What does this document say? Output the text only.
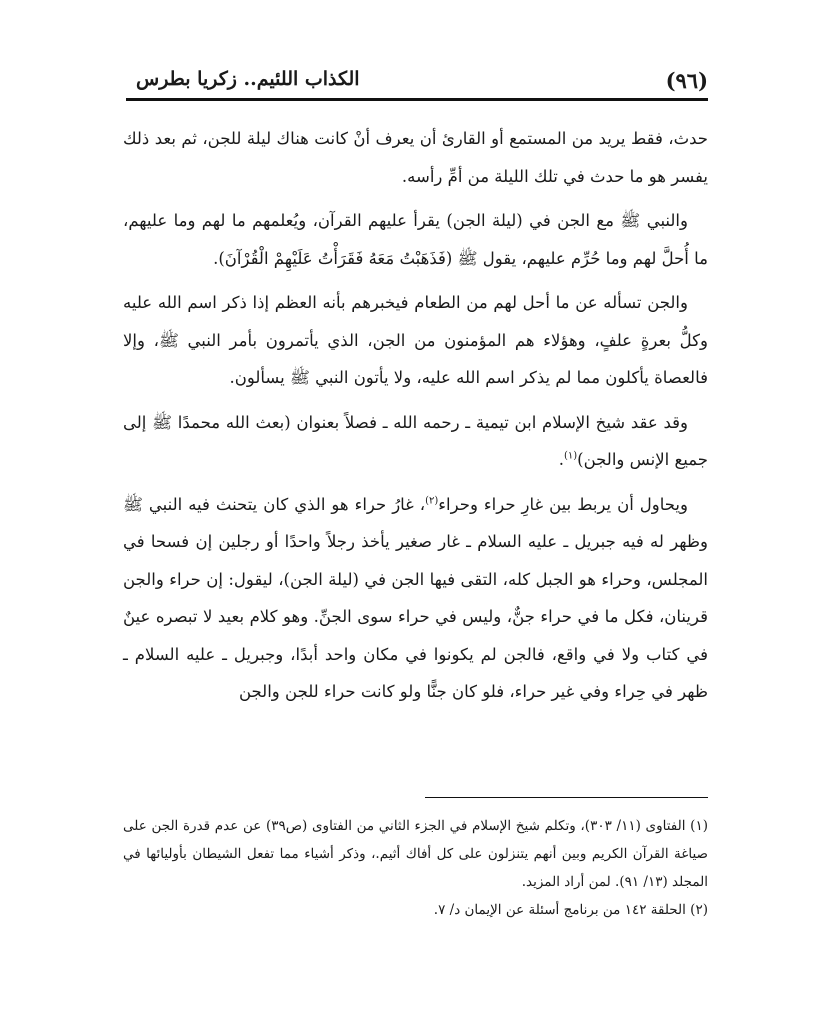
(٩٦)
الكذاب اللئيم.. زكريا بطرس

حدث، فقط يريد من المستمع أو القارئ أن يعرف أنْ كانت هناك ليلة للجن، ثم بعد ذلك يفسر هو ما حدث في تلك الليلة من أمِّ رأسه.

والنبي ﷺ مع الجن في (ليلة الجن) يقرأ عليهم القرآن، ويُعلمهم ما لهم وما عليهم، ما أُحلَّ لهم وما حُرِّم عليهم، يقول ﷺ (فَذَهَبْتُ مَعَهُ فَقَرَأْتُ عَلَيْهِمْ الْقُرْآنَ).

والجن تسأله عن ما أحل لهم من الطعام فيخبرهم بأنه العظم إذا ذكر اسم الله عليه وكلُّ بعرةٍ علفٍ، وهؤلاء هم المؤمنون من الجن، الذي يأتمرون بأمر النبي ﷺ، وإلا فالعصاة يأكلون مما لم يذكر اسم الله عليه، ولا يأتون النبي ﷺ يسألون.

وقد عقد شيخ الإسلام ابن تيمية ـ رحمه الله ـ فصلاً بعنوان (بعث الله محمدًا ﷺ إلى جميع الإنس والجن)$^{(١)}$.

ويحاول أن يربط بين غارِ حراء وحراء$^{(٢)}$، غارُ حراء هو الذي كان يتحنث فيه النبي ﷺ وظهر له فيه جبريل ـ عليه السلام ـ غار صغير يأخذ رجلاً واحدًا أو رجلين إن فسحا في المجلس، وحراء هو الجبل كله، التقى فيها الجن في (ليلة الجن)، ليقول: إن حراء والجن قرينان، فكل ما في حراء جنٌّ، وليس في حراء سوى الجنِّ. وهو كلام بعيد لا تبصره عينٌ في كتاب ولا في واقع، فالجن لم يكونوا في مكان واحد أبدًا، وجبريل ـ عليه السلام ـ ظهر في حِراء وفي غير حراء، فلو كان جنًّا ولو كانت حراء للجن والجن

(١) الفتاوى (١١/ ٣٠٣)، وتكلم شيخ الإسلام في الجزء الثاني من الفتاوى (ص٣٩) عن عدم قدرة الجن على صياغة القرآن الكريم وبين أنهم يتنزلون على كل أفاك أثيم.، وذكر أشياء مما تفعل الشيطان بأوليائها في المجلد (١٣/ ٩١). لمن أراد المزيد.

(٢) الحلقة ١٤٢ من برنامج أسئلة عن الإيمان د/ ٧.
